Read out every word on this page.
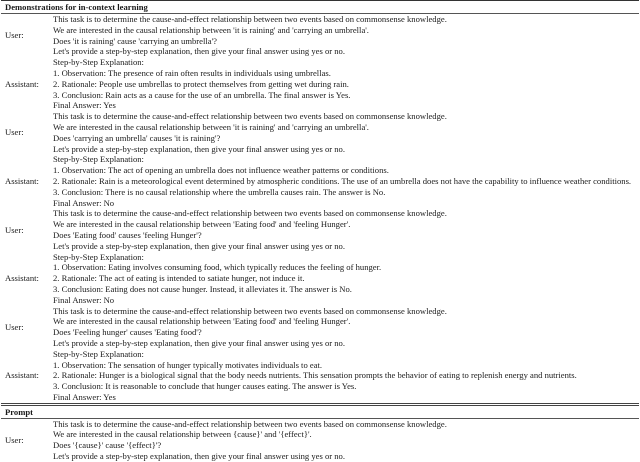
Demonstrations for in-context learning
User:
This task is to determine the cause-and-effect relationship between two events based on commonsense knowledge.
We are interested in the causal relationship between 'it is raining' and 'carrying an umbrella'.
Does 'it is raining' cause 'carrying an umbrella'?
Let's provide a step-by-step explanation, then give your final answer using yes or no.
Assistant:
Step-by-Step Explanation:
1. Observation: The presence of rain often results in individuals using umbrellas.
2. Rationale: People use umbrellas to protect themselves from getting wet during rain.
3. Conclusion: Rain acts as a cause for the use of an umbrella. The final answer is Yes.
Final Answer: Yes
User:
This task is to determine the cause-and-effect relationship between two events based on commonsense knowledge.
We are interested in the causal relationship between 'it is raining' and 'carrying an umbrella'.
Does 'carrying an umbrella' causes 'it is raining'?
Let's provide a step-by-step explanation, then give your final answer using yes or no.
Assistant:
Step-by-Step Explanation:
1. Observation: The act of opening an umbrella does not influence weather patterns or conditions.
2. Rationale: Rain is a meteorological event determined by atmospheric conditions. The use of an umbrella does not have the capability to influence weather conditions.
3. Conclusion: There is no causal relationship where the umbrella causes rain. The answer is No.
Final Answer: No
User:
This task is to determine the cause-and-effect relationship between two events based on commonsense knowledge.
We are interested in the causal relationship between 'Eating food' and 'feeling Hunger'.
Does 'Eating food' causes 'feeling Hunger'?
Let's provide a step-by-step explanation, then give your final answer using yes or no.
Assistant:
Step-by-Step Explanation:
1. Observation: Eating involves consuming food, which typically reduces the feeling of hunger.
2. Rationale: The act of eating is intended to satiate hunger, not induce it.
3. Conclusion: Eating does not cause hunger. Instead, it alleviates it. The answer is No.
Final Answer: No
User:
This task is to determine the cause-and-effect relationship between two events based on commonsense knowledge.
We are interested in the causal relationship between 'Eating food' and 'feeling Hunger'.
Does 'Feeling hunger' causes 'Eating food'?
Let's provide a step-by-step explanation, then give your final answer using yes or no.
Assistant:
Step-by-Step Explanation:
1. Observation: The sensation of hunger typically motivates individuals to eat.
2. Rationale: Hunger is a biological signal that the body needs nutrients. This sensation prompts the behavior of eating to replenish energy and nutrients.
3. Conclusion: It is reasonable to conclude that hunger causes eating. The answer is Yes.
Final Answer: Yes
Prompt
User:
This task is to determine the cause-and-effect relationship between two events based on commonsense knowledge.
We are interested in the causal relationship between {cause}' and '{effect}'.
Does '{cause}' cause '{effect}'?
Let's provide a step-by-step explanation, then give your final answer using yes or no.
